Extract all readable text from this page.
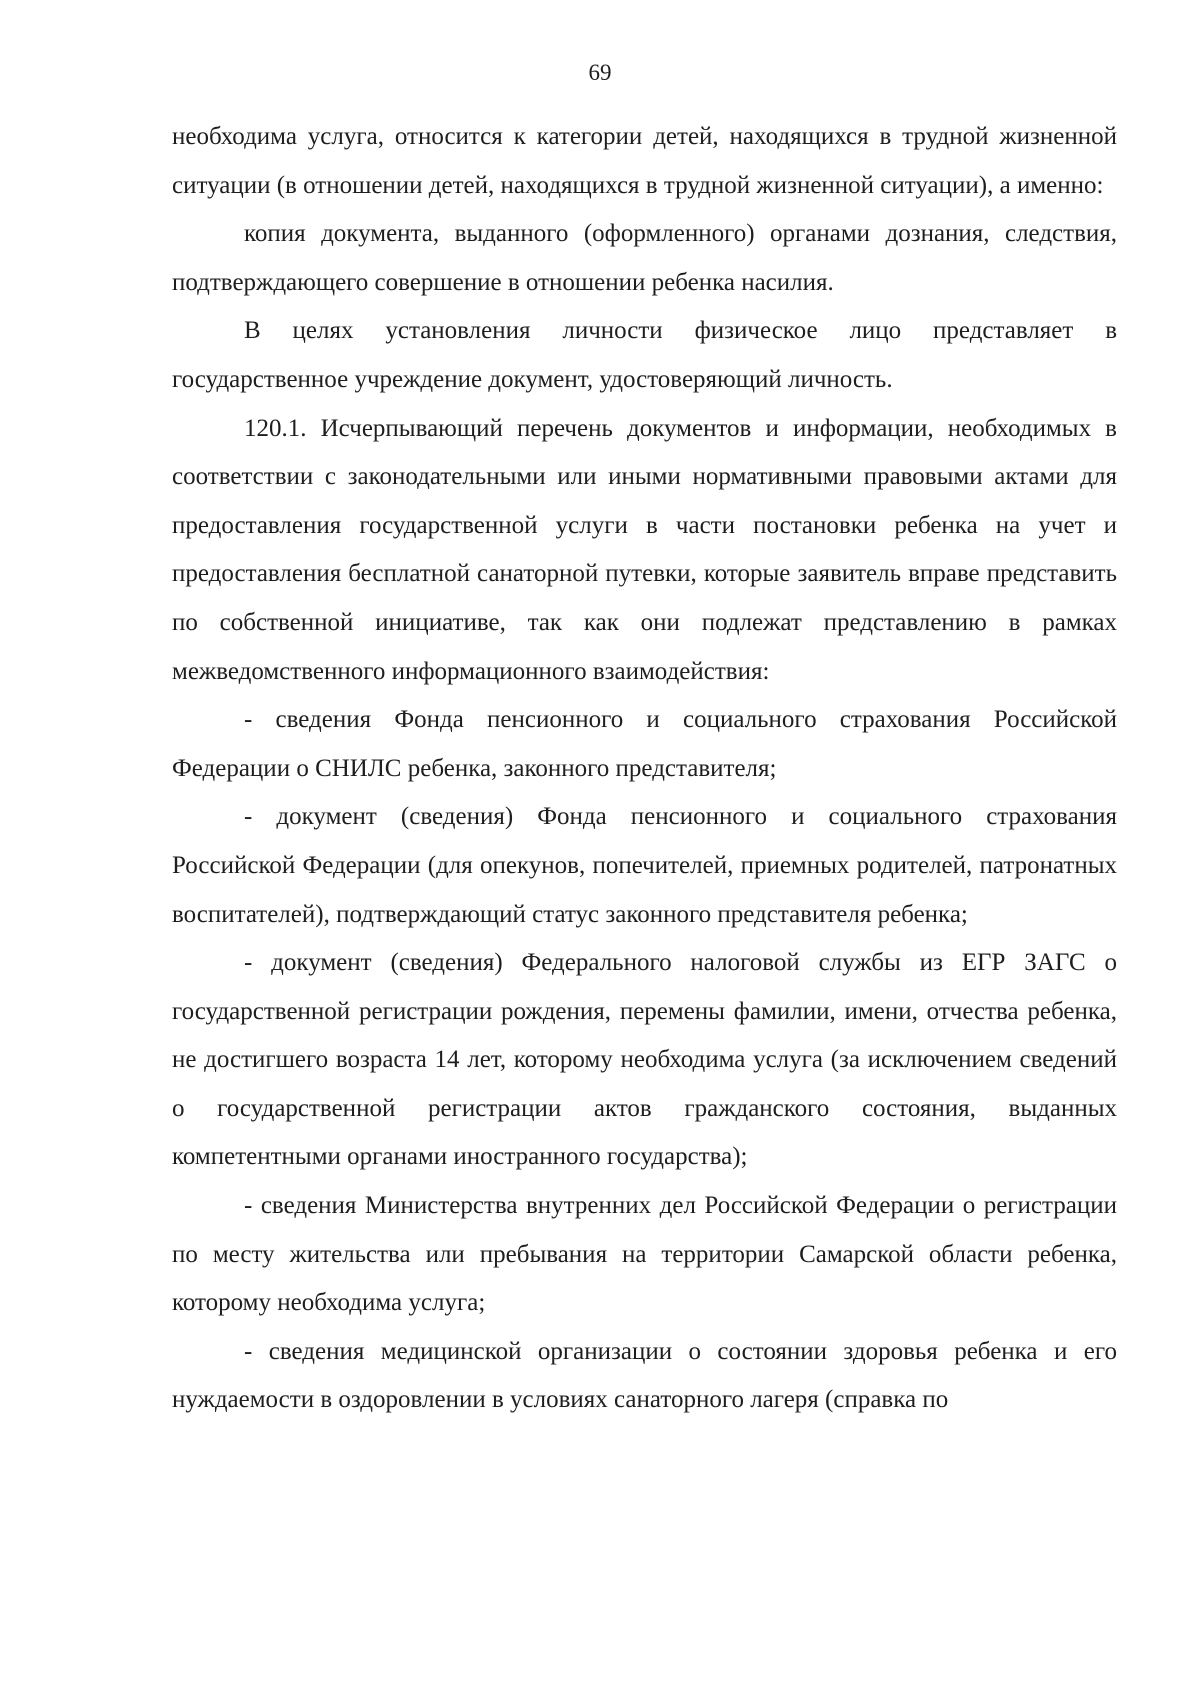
69

необходима услуга, относится к категории детей, находящихся в трудной жизненной ситуации (в отношении детей, находящихся в трудной жизненной ситуации), а именно:

копия документа, выданного (оформленного) органами дознания, следствия, подтверждающего совершение в отношении ребенка насилия.

В целях установления личности физическое лицо представляет в государственное учреждение документ, удостоверяющий личность.

120.1. Исчерпывающий перечень документов и информации, необходимых в соответствии с законодательными или иными нормативными правовыми актами для предоставления государственной услуги в части постановки ребенка на учет и предоставления бесплатной санаторной путевки, которые заявитель вправе представить по собственной инициативе, так как они подлежат представлению в рамках межведомственного информационного взаимодействия:

- сведения Фонда пенсионного и социального страхования Российской Федерации о СНИЛС ребенка, законного представителя;

- документ (сведения) Фонда пенсионного и социального страхования Российской Федерации (для опекунов, попечителей, приемных родителей, патронатных воспитателей), подтверждающий статус законного представителя ребенка;

- документ (сведения) Федерального налоговой службы из ЕГР ЗАГС о государственной регистрации рождения, перемены фамилии, имени, отчества ребенка, не достигшего возраста 14 лет, которому необходима услуга (за исключением сведений о государственной регистрации актов гражданского состояния, выданных компетентными органами иностранного государства);

- сведения Министерства внутренних дел Российской Федерации о регистрации по месту жительства или пребывания на территории Самарской области ребенка, которому необходима услуга;

- сведения медицинской организации о состоянии здоровья ребенка и его нуждаемости в оздоровлении в условиях санаторного лагеря (справка по
